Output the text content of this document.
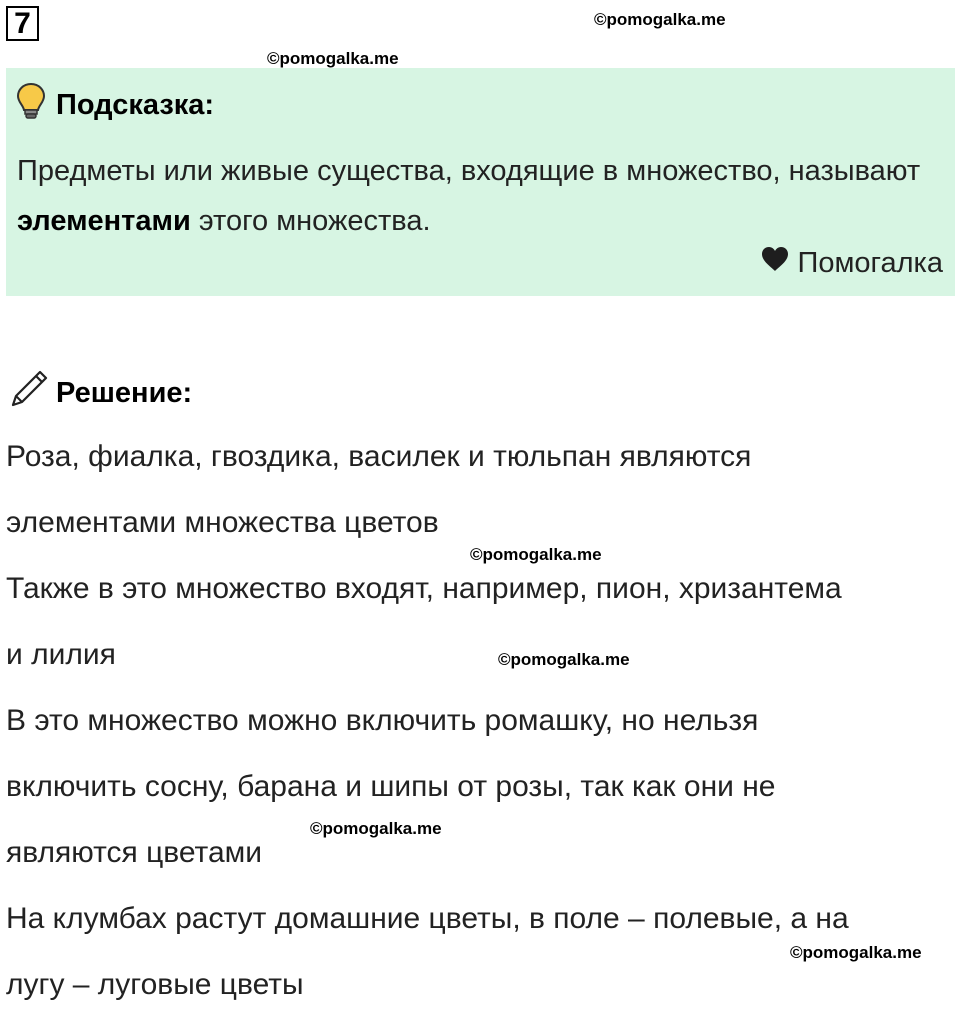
7	©pomogalka.me
©pomogalka.me
Подсказка:
Предметы или живые существа, входящие в множество, называют элементами этого множества.
Помогалка
Решение:
Роза, фиалка, гвоздика, василек и тюльпан являются
элементами множества цветов
©pomogalka.me
Также в это множество входят, например, пион, хризантема
и лилия	©pomogalka.me
В это множество можно включить ромашку, но нельзя
включить сосну, барана и шипы от розы, так как они не
©pomogalka.me
являются цветами
На клумбах растут домашние цветы, в поле – полевые, а на
©pomogalka.me
лугу – луговые цветы
